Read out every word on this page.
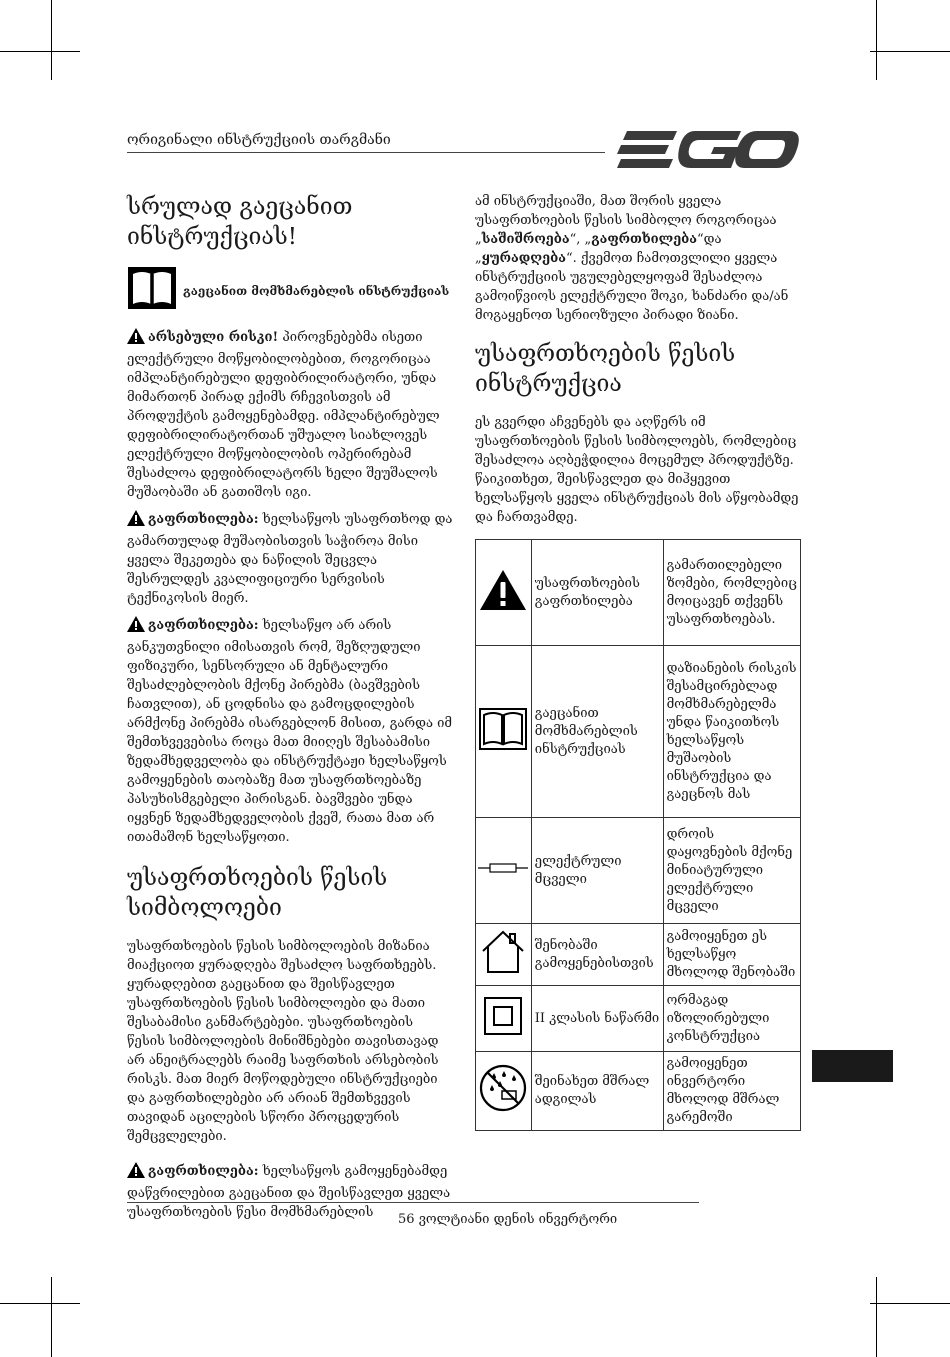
ორიგინალი ინსტრუქციის თარგმანი
სრულად გაეცანით ინსტრუქციას!
გაეცანით მომხმარებლის ინსტრუქციას

არსებული რისკი! პიროვნებებმა ისეთი ელექტრული მოწყობილობებით, როგორიცაა იმპლანტირებული დეფიბრილირატორი, უნდა მიმართონ პირად ექიმს რჩევისთვის ამ პროდუქტის გამოყენებამდე. იმპლანტირებულ დეფიბრილირატორთან უშუალო სიახლოვეს ელექტრული მოწყობილობის ოპერირებამ შესაძლოა დეფიბრილატორს ხელი შეუშალოს მუშაობაში ან გათიშოს იგი.

გაფრთხილება: ხელსაწყოს უსაფრთხოდ და გამართულად მუშაობისთვის საჭიროა მისი ყველა შეკეთება და ნაწილის შეცვლა შესრულდეს კვალიფიციური სერვისის ტექნიკოსის მიერ.

გაფრთხილება: ხელსაწყო არ არის განკუთვნილი იმისათვის რომ, შეზღუდული ფიზიკური, სენსორული ან მენტალური შესაძლებლობის მქონე პირებმა (ბავშვების ჩათვლით), ან ცოდნისა და გამოცდილების არმქონე პირებმა ისარგებლონ მისით, გარდა იმ შემთხვევებისა როცა მათ მიიღეს შესაბამისი ზედამხედველობა და ინსტრუქტაჟი ხელსაწყოს გამოყენების თაობაზე მათ უსაფრთხოებაზე პასუხისმგებელი პირისგან. ბავშვები უნდა იყვნენ ზედამხედველობის ქვეშ, რათა მათ არ ითამაშონ ხელსაწყოთი.

უსაფრთხოების წესის სიმბოლოები

უსაფრთხოების წესის სიმბოლოების მიზანია მიაქციოთ ყურადღება შესაძლო საფრთხეებს. ყურადღებით გაეცანით და შეისწავლეთ უსაფრთხოების წესის სიმბოლოები და მათი შესაბამისი განმარტებები. უსაფრთხოების წესის სიმბოლოების მინიშნებები თავისთავად არ ანეიტრალებს რაიმე საფრთხის არსებობის რისკს. მათ მიერ მოწოდებული ინსტრუქციები და გაფრთხილებები არ არიან შემთხვევის თავიდან აცილების სწორი პროცედურის შემცვლელები.

გაფრთხილება: ხელსაწყოს გამოყენებამდე დაწვრილებით გაეცანით და შეისწავლეთ ყველა უსაფრთხოების წესი მომხმარებლის

ამ ინსტრუქციაში, მათ შორის ყველა უსაფრთხოების წესის სიმბოლო როგორიცაა „საშიშროება“, „გაფრთხილება“და „ყურადღება“. ქვემოთ ჩამოთვლილი ყველა ინსტრუქციის უგულებელყოფამ შესაძლოა გამოიწვიოს ელექტრული შოკი, ხანძარი და/ან მოგაყენოთ სერიოზული პირადი ზიანი.

უსაფრთხოების წესის ინსტრუქცია

ეს გვერდი აჩვენებს და აღწერს იმ უსაფრთხოების წესის სიმბოლოებს, რომლებიც შესაძლოა აღბეჭდილია მოცემულ პროდუქტზე. წაიკითხეთ, შეისწავლეთ და მიჰყევით ხელსაწყოს ყველა ინსტრუქციას მის აწყობამდე და ჩართვამდე.

	უსაფრთხოების გაფრთხილება	გამართილებელი ზომები, რომლებიც მოიცავენ თქვენს უსაფრთხოებას.
	გაეცანით მომხმარებლის ინსტრუქციას	დაზიანების რისკის შესამცირებლად მომხმარებელმა უნდა წაიკითხოს ხელსაწყოს მუშაობის ინსტრუქცია და გაეცნოს მას
	ელექტრული მცველი	დროის დაყოვნების მქონე მინიატურული ელექტრული მცველი
	შენობაში გამოყენებისთვის	გამოიყენეთ ეს ხელსაწყო მხოლოდ შენობაში
	II კლასის ნაწარმი	ორმაგად იზოლირებული კონსტრუქცია
	შეინახეთ მშრალ ადგილას	გამოიყენეთ ინვერტორი მხოლოდ მშრალ გარემოში
56 ვოლტიანი დენის ინვერტორი
